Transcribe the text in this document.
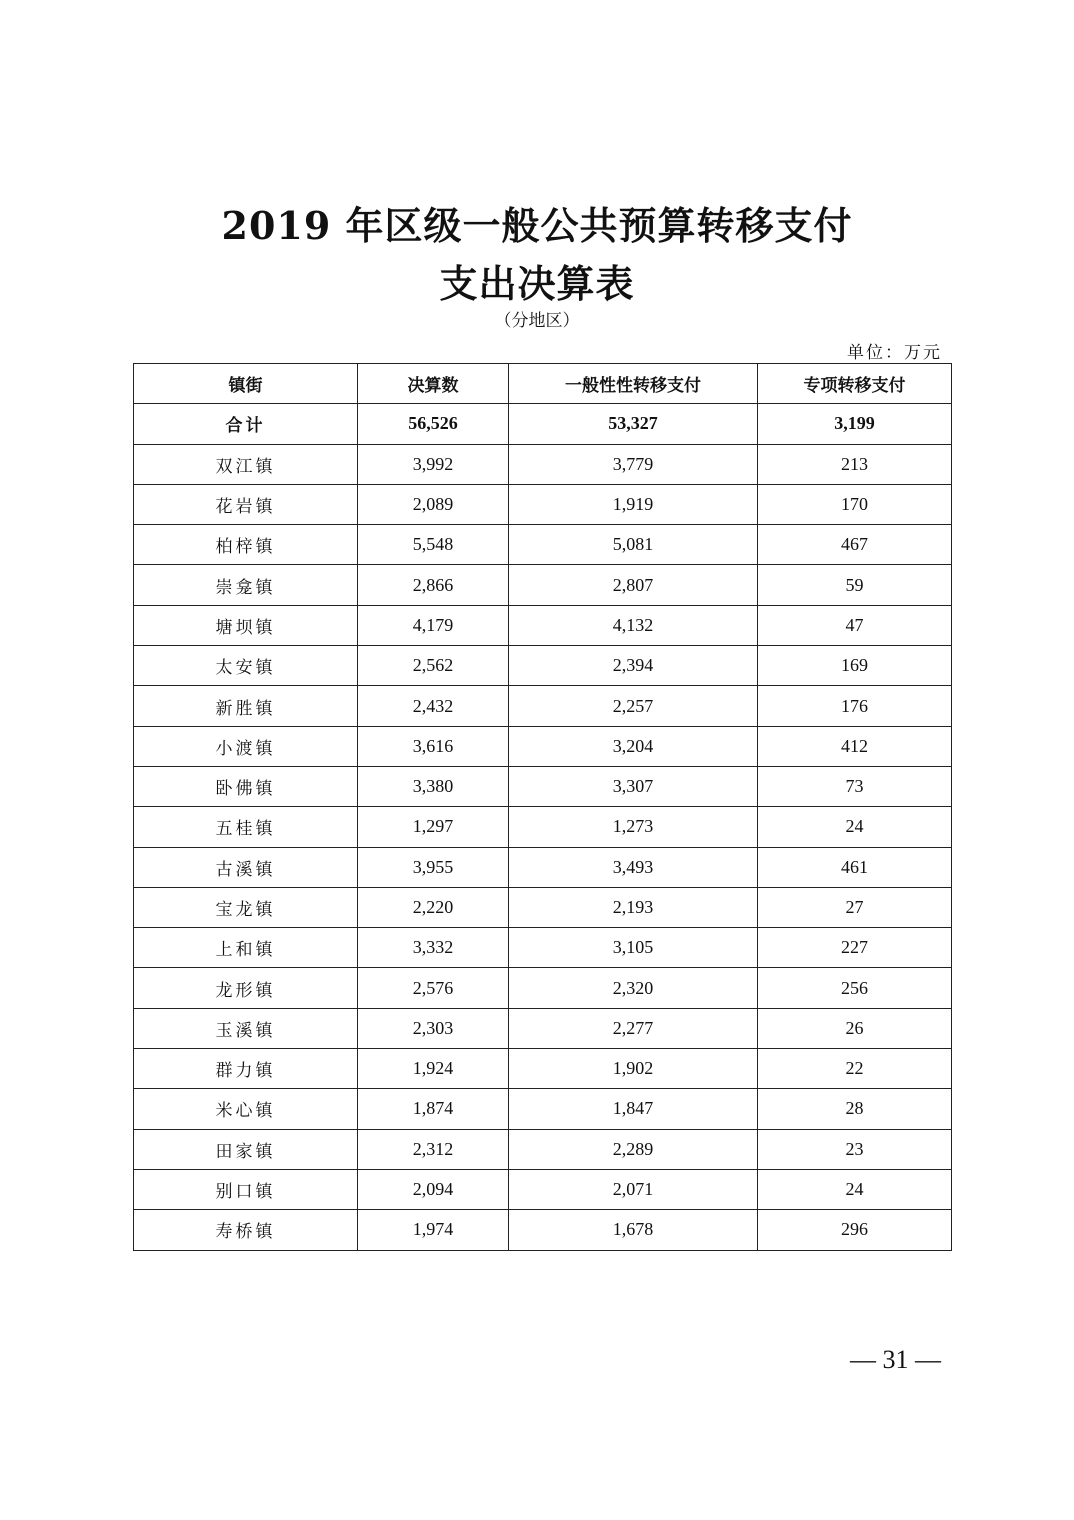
2019 年区级一般公共预算转移支付
支出决算表
（分地区）
单位：万元
镇街	决算数	一般性性转移支付	专项转移支付
合计	56,526	53,327	3,199
双江镇	3,992	3,779	213
花岩镇	2,089	1,919	170
柏梓镇	5,548	5,081	467
崇龛镇	2,866	2,807	59
塘坝镇	4,179	4,132	47
太安镇	2,562	2,394	169
新胜镇	2,432	2,257	176
小渡镇	3,616	3,204	412
卧佛镇	3,380	3,307	73
五桂镇	1,297	1,273	24
古溪镇	3,955	3,493	461
宝龙镇	2,220	2,193	27
上和镇	3,332	3,105	227
龙形镇	2,576	2,320	256
玉溪镇	2,303	2,277	26
群力镇	1,924	1,902	22
米心镇	1,874	1,847	28
田家镇	2,312	2,289	23
别口镇	2,094	2,071	24
寿桥镇	1,974	1,678	296
— 31 —
